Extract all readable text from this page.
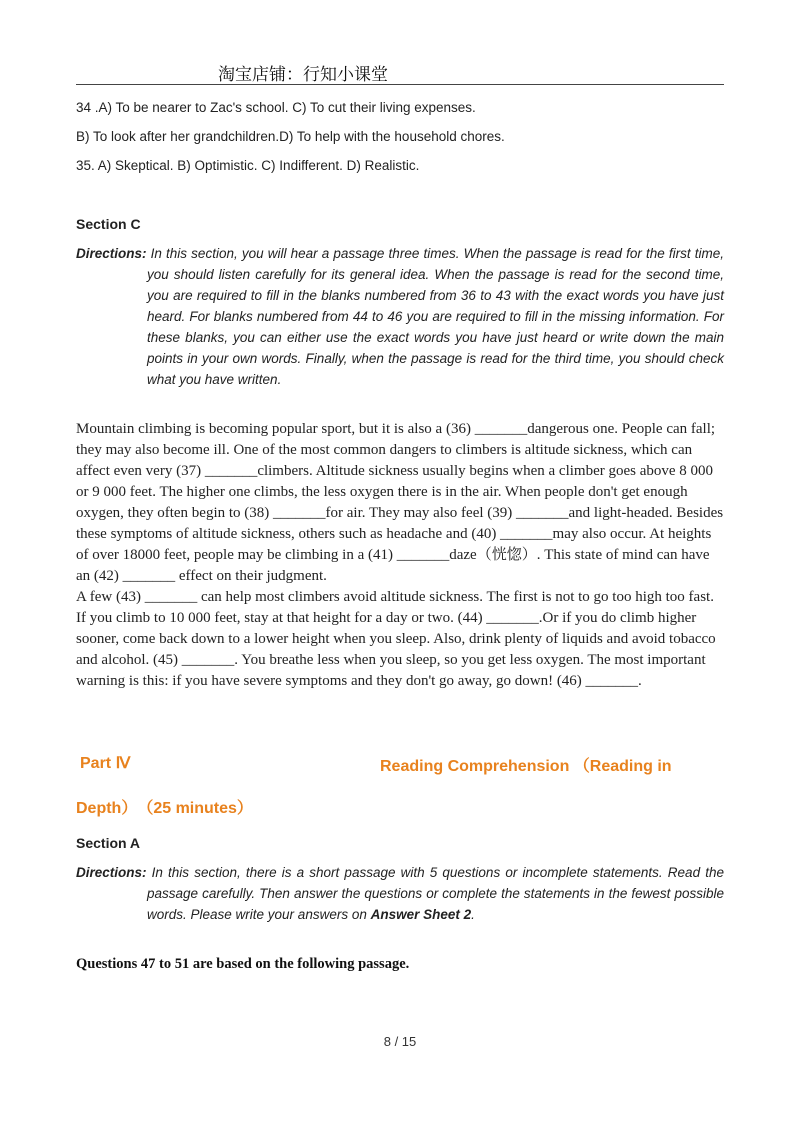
淘宝店铺：行知小课堂
34 .A) To be nearer to Zac's school. C) To cut their living expenses.
B) To look after her grandchildren.D) To help with the household chores.
35. A) Skeptical. B) Optimistic. C) Indifferent. D) Realistic.
Section C
Directions: In this section, you will hear a passage three times. When the passage is read for the first time, you should listen carefully for its general idea. When the passage is read for the second time, you are required to fill in the blanks numbered from 36 to 43 with the exact words you have just heard. For blanks numbered from 44 to 46 you are required to fill in the missing information. For these blanks, you can either use the exact words you have just heard or write down the main points in your own words. Finally, when the passage is read for the third time, you should check what you have written.

Mountain climbing is becoming popular sport, but it is also a (36) _______dangerous one. People can fall; they may also become ill. One of the most common dangers to climbers is altitude sickness, which can affect even very (37) _______climbers. Altitude sickness usually begins when a climber goes above 8 000 or 9 000 feet. The higher one climbs, the less oxygen there is in the air. When people don't get enough oxygen, they often begin to (38) _______for air. They may also feel (39) _______and light-headed. Besides these symptoms of altitude sickness, others such as headache and (40) _______may also occur. At heights of over 18000 feet, people may be climbing in a (41) _______daze（恍惚）. This state of mind can have an (42) _______ effect on their judgment.

A few (43) _______ can help most climbers avoid altitude sickness. The first is not to go too high too fast. If you climb to 10 000 feet, stay at that height for a day or two. (44) _______.Or if you do climb higher sooner, come back down to a lower height when you sleep. Also, drink plenty of liquids and avoid tobacco and alcohol. (45) _______. You breathe less when you sleep, so you get less oxygen. The most important warning is this: if you have severe symptoms and they don't go away, go down! (46) _______.

Part Ⅳ	Reading Comprehension （Reading in
Depth）　（25 minutes）
Section A
Directions: In this section, there is a short passage with 5 questions or incomplete statements. Read the passage carefully. Then answer the questions or complete the statements in the fewest possible words. Please write your answers on Answer Sheet 2.
Questions 47 to 51 are based on the following passage.
8 / 15
